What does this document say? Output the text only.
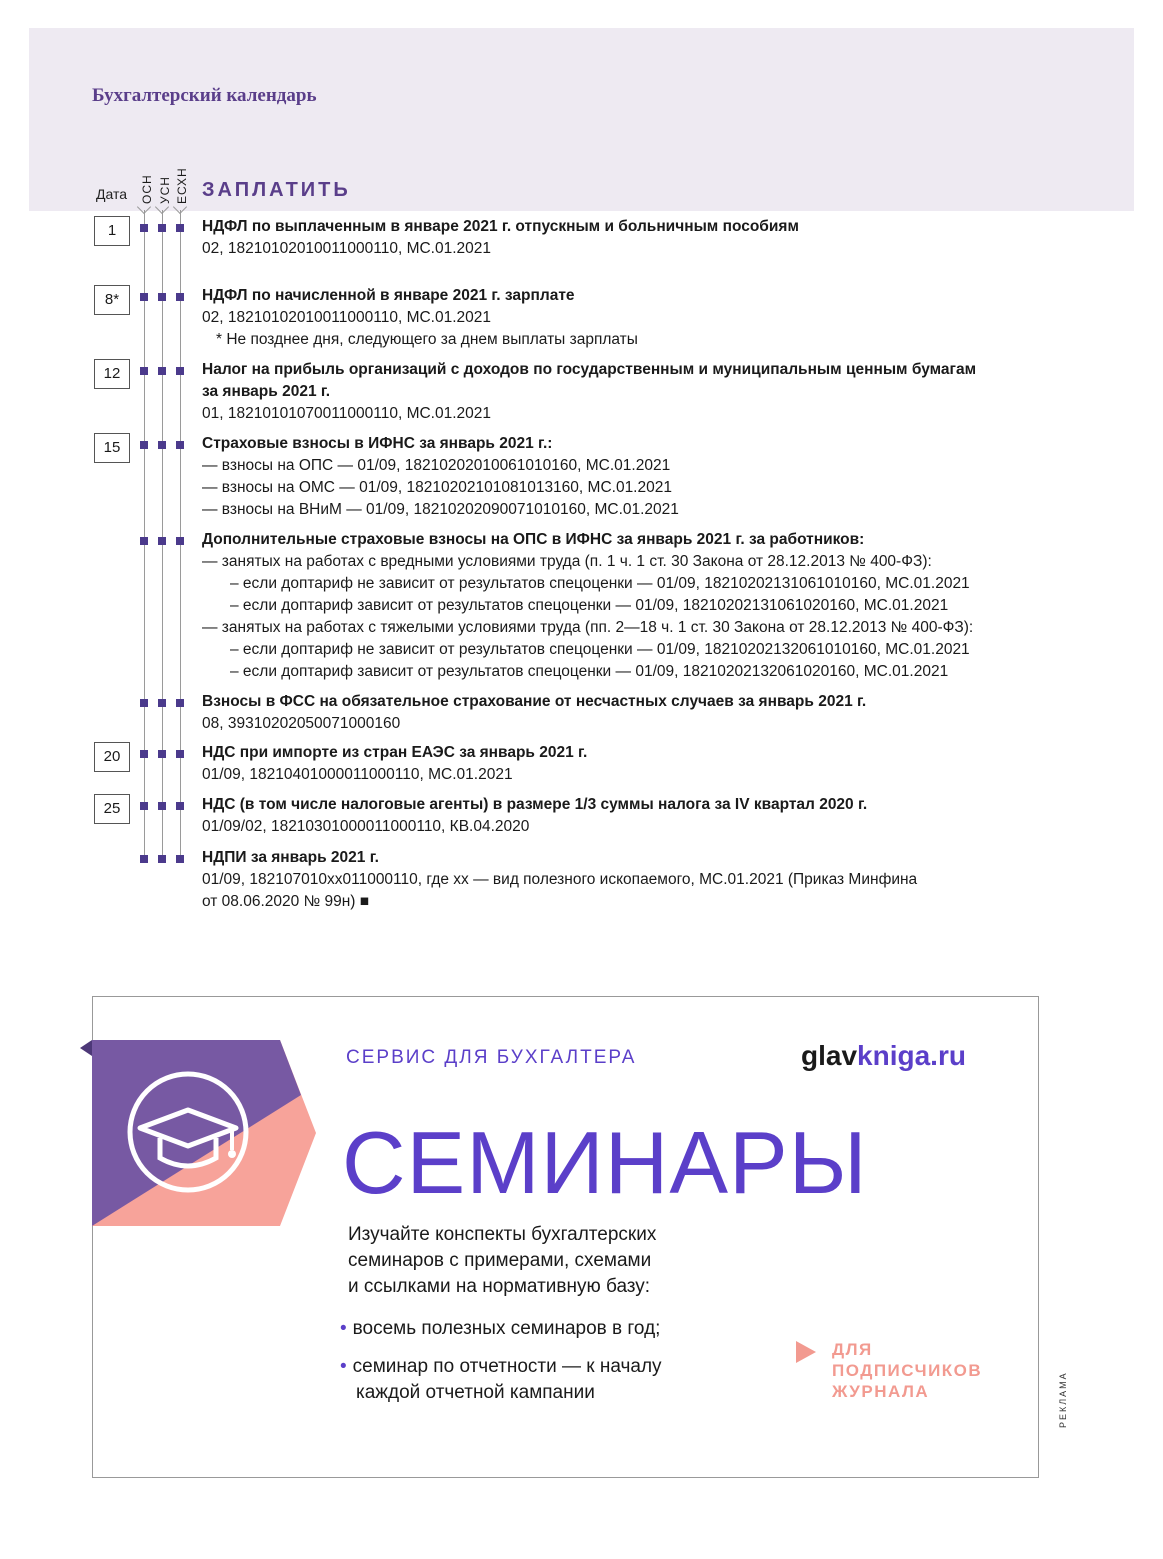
Бухгалтерский календарь
Дата ОСН УСН ЕСХН ЗАПЛАТИТЬ
1	НДФЛ по выплаченным в январе 2021 г. отпускным и больничным пособиям
02, 18210102010011000110, МС.01.2021
8*	НДФЛ по начисленной в январе 2021 г. зарплате
02, 18210102010011000110, МС.01.2021
* Не позднее дня, следующего за днем выплаты зарплаты
12	Налог на прибыль организаций с доходов по государственным и муниципальным ценным бумагам
за январь 2021 г.
01, 18210101070011000110, МС.01.2021
15	Страховые взносы в ИФНС за январь 2021 г.:
— взносы на ОПС — 01/09, 18210202010061010160, МС.01.2021
— взносы на ОМС — 01/09, 18210202101081013160, МС.01.2021
— взносы на ВНиМ — 01/09, 18210202090071010160, МС.01.2021
Дополнительные страховые взносы на ОПС в ИФНС за январь 2021 г. за работников:
— занятых на работах с вредными условиями труда (п. 1 ч. 1 ст. 30 Закона от 28.12.2013 № 400-ФЗ):
– если доптариф не зависит от результатов спецоценки — 01/09, 18210202131061010160, МС.01.2021
– если доптариф зависит от результатов спецоценки — 01/09, 18210202131061020160, МС.01.2021
— занятых на работах с тяжелыми условиями труда (пп. 2—18 ч. 1 ст. 30 Закона от 28.12.2013 № 400-ФЗ):
– если доптариф не зависит от результатов спецоценки — 01/09, 18210202132061010160, МС.01.2021
– если доптариф зависит от результатов спецоценки — 01/09, 18210202132061020160, МС.01.2021
Взносы в ФСС на обязательное страхование от несчастных случаев за январь 2021 г.
08, 39310202050071000160
20	НДС при импорте из стран ЕАЭС за январь 2021 г.
01/09, 18210401000011000110, МС.01.2021
25	НДС (в том числе налоговые агенты) в размере 1/3 суммы налога за IV квартал 2020 г.
01/09/02, 18210301000011000110, КВ.04.2020
НДПИ за январь 2021 г.
01/09, 182107010xx011000110, где хх — вид полезного ископаемого, МС.01.2021 (Приказ Минфина
от 08.06.2020 № 99н) ■
СЕРВИС ДЛЯ БУХГАЛТЕРА	glavkniga.ru
СЕМИНАРЫ
Изучайте конспекты бухгалтерских
семинаров с примерами, схемами
и ссылками на нормативную базу:
• восемь полезных семинаров в год;
• семинар по отчетности — к началу
каждой отчетной кампании
ДЛЯ
ПОДПИСЧИКОВ
ЖУРНАЛА	РЕКЛАМА
